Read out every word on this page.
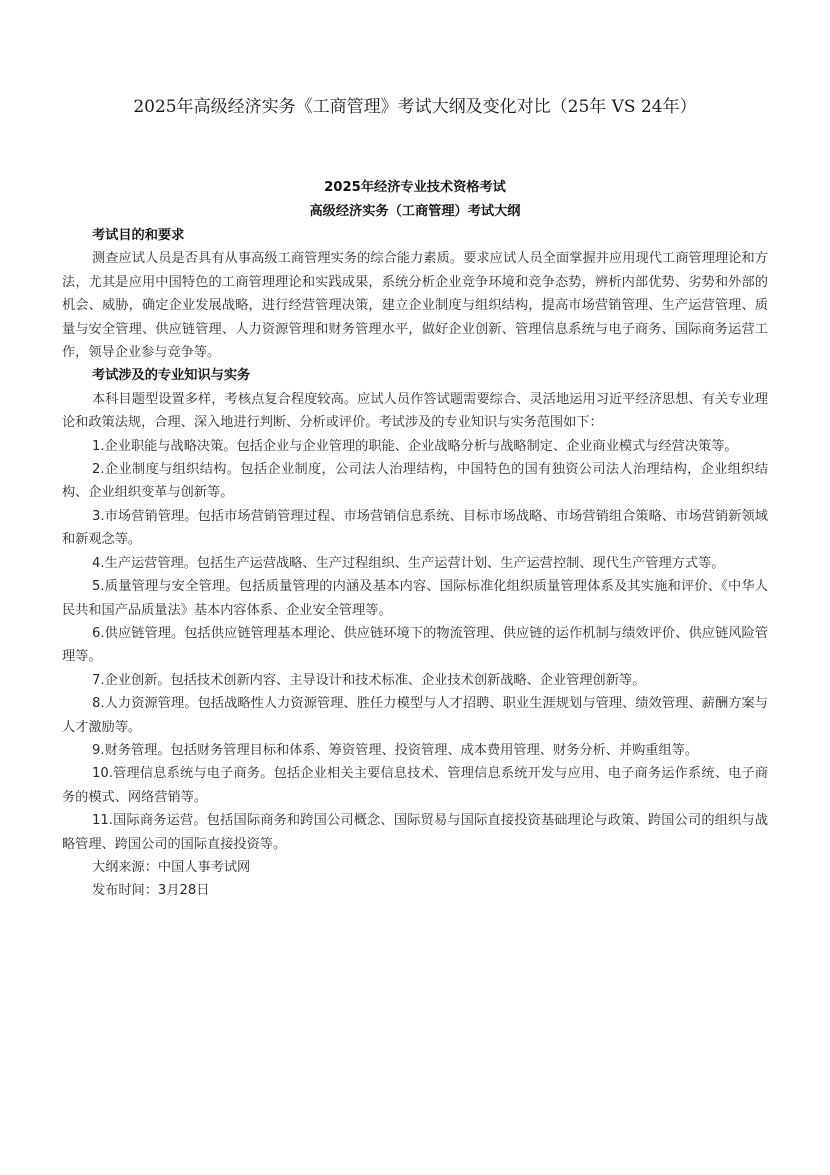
2025年高级经济实务《工商管理》考试大纲及变化对比（25年 VS 24年）
2025年经济专业技术资格考试
高级经济实务（工商管理）考试大纲

考试目的和要求

测查应试人员是否具有从事高级工商管理实务的综合能力素质。要求应试人员全面掌握并应用现代工商管理理论和方法，尤其是应用中国特色的工商管理理论和实践成果，系统分析企业竞争环境和竞争态势，辨析内部优势、劣势和外部的机会、威胁，确定企业发展战略，进行经营管理决策，建立企业制度与组织结构，提高市场营销管理、生产运营管理、质量与安全管理、供应链管理、人力资源管理和财务管理水平，做好企业创新、管理信息系统与电子商务、国际商务运营工作，领导企业参与竞争等。

考试涉及的专业知识与实务

本科目题型设置多样，考核点复合程度较高。应试人员作答试题需要综合、灵活地运用习近平经济思想、有关专业理论和政策法规，合理、深入地进行判断、分析或评价。考试涉及的专业知识与实务范围如下：

1.企业职能与战略决策。包括企业与企业管理的职能、企业战略分析与战略制定、企业商业模式与经营决策等。

2.企业制度与组织结构。包括企业制度，公司法人治理结构，中国特色的国有独资公司法人治理结构，企业组织结构、企业组织变革与创新等。

3.市场营销管理。包括市场营销管理过程、市场营销信息系统、目标市场战略、市场营销组合策略、市场营销新领域和新观念等。

4.生产运营管理。包括生产运营战略、生产过程组织、生产运营计划、生产运营控制、现代生产管理方式等。

5.质量管理与安全管理。包括质量管理的内涵及基本内容、国际标准化组织质量管理体系及其实施和评价、《中华人民共和国产品质量法》基本内容体系、企业安全管理等。

6.供应链管理。包括供应链管理基本理论、供应链环境下的物流管理、供应链的运作机制与绩效评价、供应链风险管理等。

7.企业创新。包括技术创新内容、主导设计和技术标准、企业技术创新战略、企业管理创新等。

8.人力资源管理。包括战略性人力资源管理、胜任力模型与人才招聘、职业生涯规划与管理、绩效管理、薪酬方案与人才激励等。

9.财务管理。包括财务管理目标和体系、筹资管理、投资管理、成本费用管理、财务分析、并购重组等。

10.管理信息系统与电子商务。包括企业相关主要信息技术、管理信息系统开发与应用、电子商务运作系统、电子商务的模式、网络营销等。

11.国际商务运营。包括国际商务和跨国公司概念、国际贸易与国际直接投资基础理论与政策、跨国公司的组织与战略管理、跨国公司的国际直接投资等。

大纲来源：中国人事考试网

发布时间：3月28日
